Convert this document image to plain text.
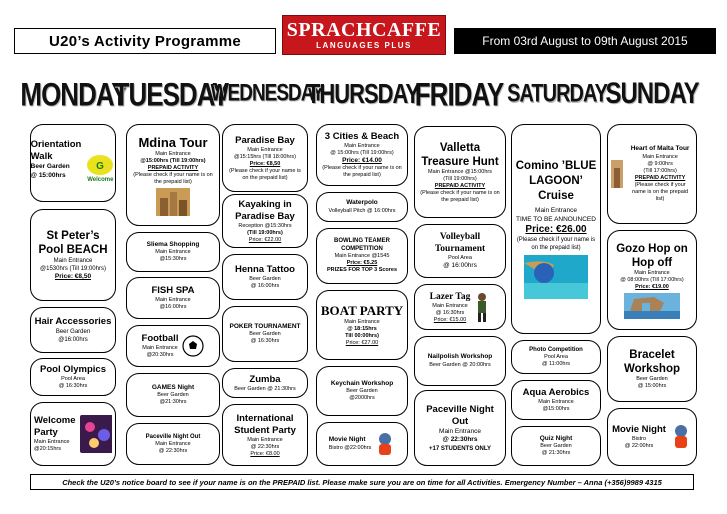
U20’s Activity Programme
SPRACHCAFFE
LANGUAGES PLUS	From 03rd August to 09th August 2015
MONDAY
TUESDAY
WEDNESDAY
THURSDAY
FRIDAY SATURDAY
SUNDAY
Orientation Walk
Beer Garden
@ 15:00hrs
G
Welcome
St Peter’s Pool BEACH
Main Entrance
@1530hrs (Till 19:00hrs)
Price: €8,50
Hair Accessories
Beer Garden
@16:00hrs
Pool Olympics
Pool Area
@ 16:30hrs
Welcome Party
Main Entrance
@20:15hrs
Mdina Tour
Main Entrance
@15:00hrs (Till 19:00hrs)
PREPAID ACTIVITY
(Please check if your name is on the prepaid list)
Sliema Shopping
Main Entrance
@15:30hrs
FISH SPA
Main Entrance
@16:00hrs
Football
Main Entrance
@20:30hrs
GAMES Night
Beer Garden
@21:30hrs
Paceville Night Out
Main Entrance
@ 22:30hrs
Paradise Bay
Main Entrance
@15:15hrs (Till 18:00hrs)
Price: €8,50
(Please check if your name is on the prepaid list)
Kayaking in Paradise Bay
Reception @15:30hrs
(Till 19:00hrs)
Price: €22.00
Henna Tattoo
Beer Garden
@ 16:00hrs
POKER TOURNAMENT
Beer Garden
@ 16:30hrs
Zumba
Beer Garden @ 21:30hrs
International Student Party
Main Entrance
@ 22:30hrs
Price: €8.00
3 Cities & Beach
Main Entrance
@ 15:00hrs (Till 19:00hrs)
Price: €14.00
(Please check if your name is on the prepaid list)
Waterpolo
Volleyball Pitch @ 16:00hrs
BOWLING TEAMER COMPETITION
Main Entrance @1545
Price: €5.25
PRIZES FOR TOP 3 Scores
BOAT PARTY
Main Entrance
@ 18:15hrs
Till 00:00hrs)
Price: €27.00
Keychain Workshop
Beer Garden
@2000hrs
Movie Night
Bistro @22:00hrs
Valletta Treasure Hunt
Main Entrance @15:00hrs
(Till 19:00hrs)
PREPAID ACTIVITY
(Please check if your name is on the prepaid list)
Volleyball Tournament
Pool Area
@ 16:00hrs
Lazer Tag
Main Entrance
@ 16:30hrs
Price: €15.00
Nailpolish Workshop
Beer Garden @ 20:00hrs
Paceville Night Out
Main Entrance
@ 22:30hrs
+17 STUDENTS ONLY
Comino ’BLUE LAGOON’ Cruise
Main Entrance
TIME TO BE ANNOUNCED
Price: €26.00
(Please check if your name is on the prepaid list)
Photo Competition
Pool Area
@ 11:00hrs
Aqua Aerobics
Main Entrance
@15:00hrs
Quiz Night
Beer Garden
@ 21:30hrs
Heart of Malta Tour
Main Entrance
@ 9:00hrs
(Till 17:00hrs)
PREPAID ACTIVITY
(Please check if your name is on the prepaid list)
Gozo Hop on Hop off
Main Entrance
@ 08:00hrs (Till 17:00hrs)
Price: €19.00
Bracelet Workshop
Beer Garden
@ 15:00hrs
Movie Night
Bistro
@ 22:00hrs
Check the U20’s notice board to see if your name is on the PREPAID list. Please make sure you are on time for all Activities. Emergency Number – Anna (+356)9989 4315
